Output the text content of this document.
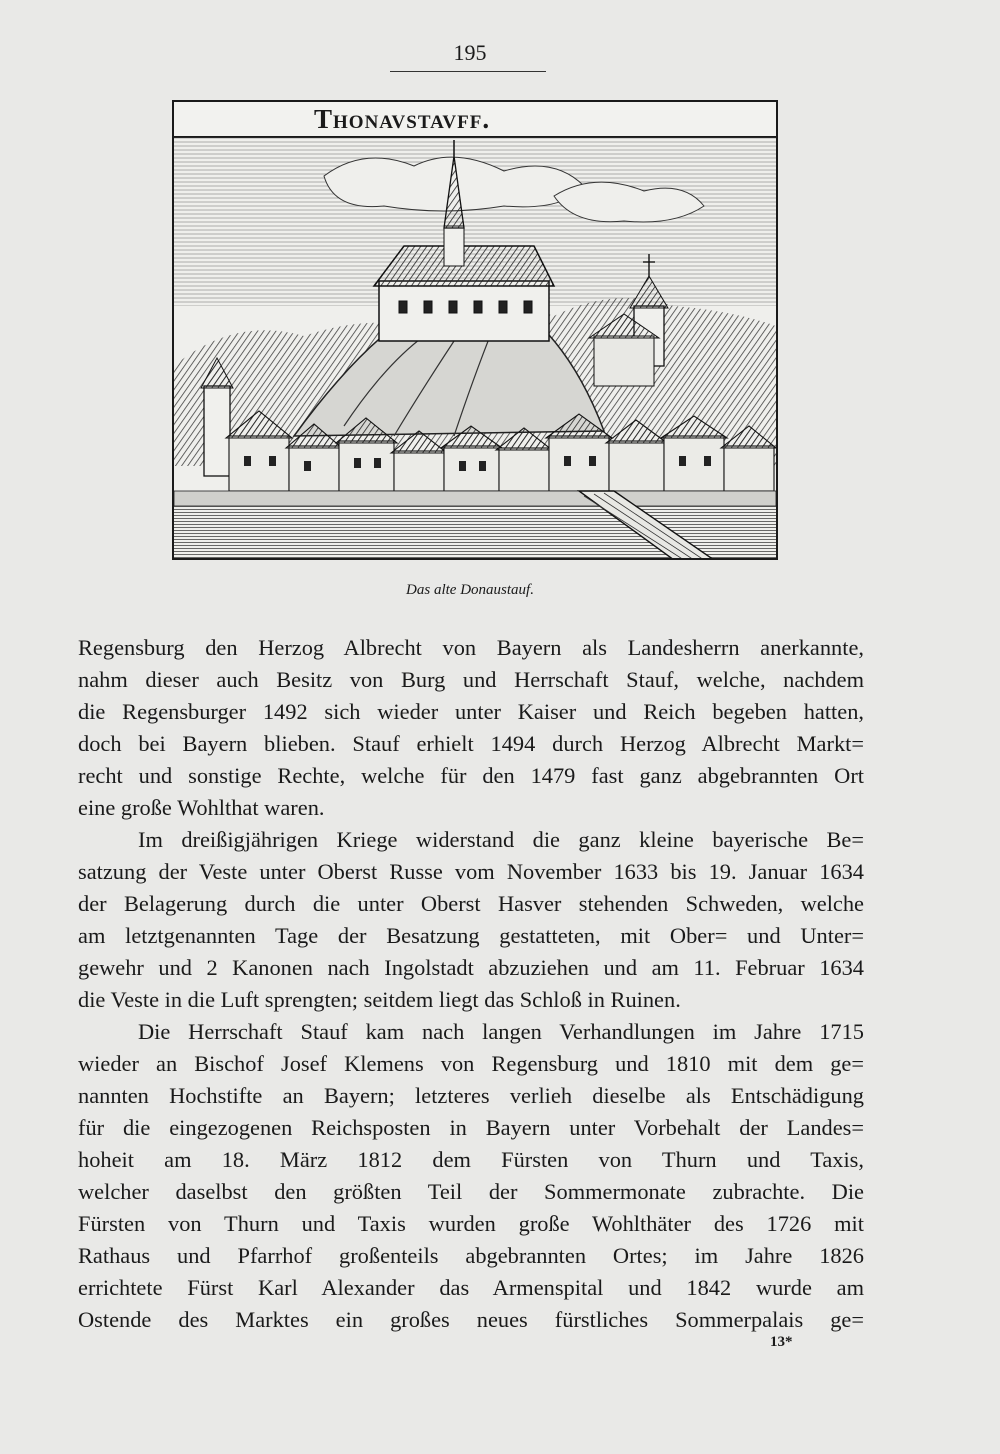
195
Thonavstavff.
Das alte Donaustauf.
Regensburg den Herzog Albrecht von Bayern als Landesherrn anerkannte,
nahm dieser auch Besitz von Burg und Herrschaft Stauf, welche, nachdem
die Regensburger 1492 sich wieder unter Kaiser und Reich begeben hatten,
doch bei Bayern blieben. Stauf erhielt 1494 durch Herzog Albrecht Markt=
recht und sonstige Rechte, welche für den 1479 fast ganz abgebrannten Ort
eine große Wohlthat waren.
Im dreißigjährigen Kriege widerstand die ganz kleine bayerische Be=
satzung der Veste unter Oberst Russe vom November 1633 bis 19. Januar 1634
der Belagerung durch die unter Oberst Hasver stehenden Schweden, welche
am letztgenannten Tage der Besatzung gestatteten, mit Ober= und Unter=
gewehr und 2 Kanonen nach Ingolstadt abzuziehen und am 11. Februar 1634
die Veste in die Luft sprengten; seitdem liegt das Schloß in Ruinen.
Die Herrschaft Stauf kam nach langen Verhandlungen im Jahre 1715
wieder an Bischof Josef Klemens von Regensburg und 1810 mit dem ge=
nannten Hochstifte an Bayern; letzteres verlieh dieselbe als Entschädigung
für die eingezogenen Reichsposten in Bayern unter Vorbehalt der Landes=
hoheit am 18. März 1812 dem Fürsten von Thurn und Taxis,
welcher daselbst den größten Teil der Sommermonate zubrachte. Die
Fürsten von Thurn und Taxis wurden große Wohlthäter des 1726 mit
Rathaus und Pfarrhof großenteils abgebrannten Ortes; im Jahre 1826
errichtete Fürst Karl Alexander das Armenspital und 1842 wurde am
Ostende des Marktes ein großes neues fürstliches Sommerpalais ge=
13*
